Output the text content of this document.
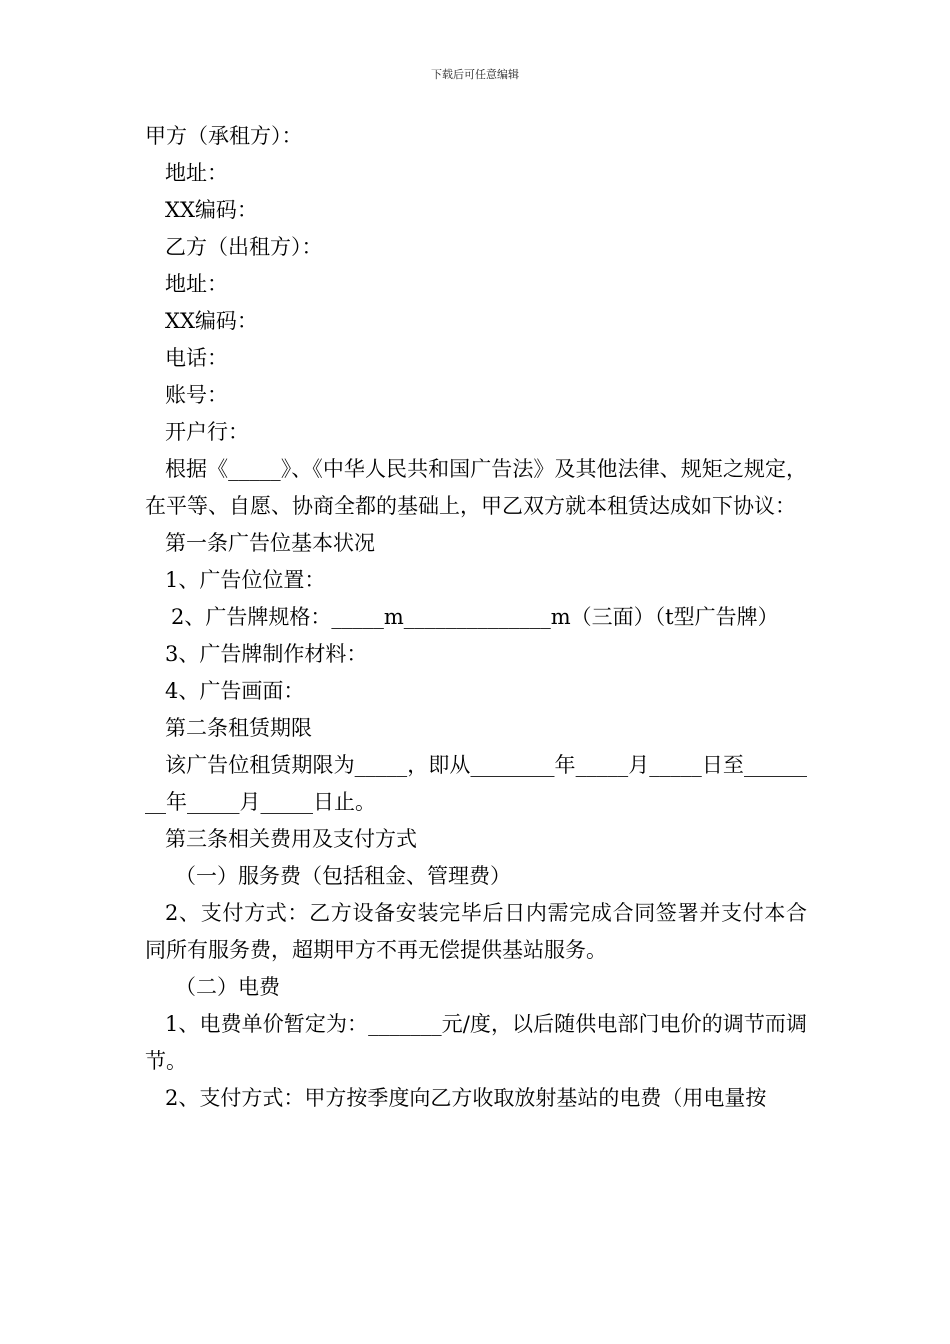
下载后可任意编辑

甲方（承租方）：

地址：

XX编码：

乙方（出租方）：

地址：

XX编码：

电话：

账号：

开户行：

根据《_____》、《中华人民共和国广告法》及其他法律、规矩之规定，在平等、自愿、协商全都的基础上，甲乙双方就本租赁达成如下协议：

第一条广告位基本状况

1、广告位位置：

2、广告牌规格：_____m______________m（三面）（t型广告牌）

3、广告牌制作材料：

4、广告画面：

第二条租赁期限

该广告位租赁期限为_____，即从________年_____月_____日至________年_____月_____日止。

第三条相关费用及支付方式

（一）服务费（包括租金、管理费）

2、支付方式：乙方设备安装完毕后日内需完成合同签署并支付本合同所有服务费，超期甲方不再无偿提供基站服务。

（二）电费

1、电费单价暂定为：_______元/度，以后随供电部门电价的调节而调节。

2、支付方式：甲方按季度向乙方收取放射基站的电费（用电量按
